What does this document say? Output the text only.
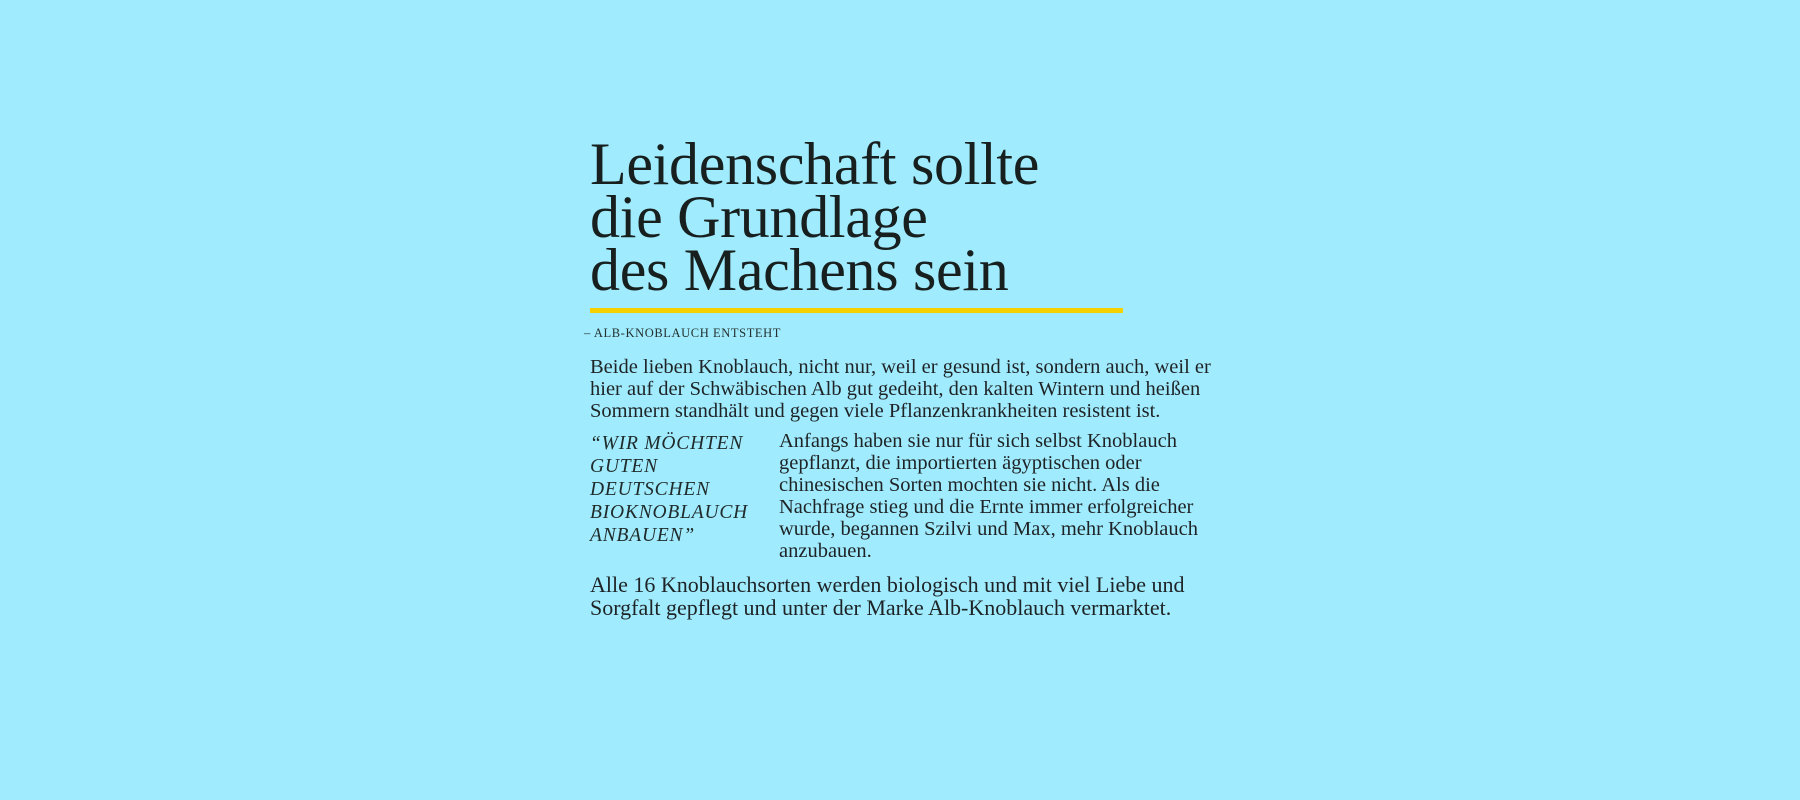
Leidenschaft sollte
die Grundlage
des Machens sein
– ALB-KNOBLAUCH ENTSTEHT

Beide lieben Knoblauch, nicht nur, weil er gesund ist, sondern auch, weil er hier auf der Schwäbischen Alb gut gedeiht, den kalten Wintern und heißen Sommern standhält und gegen viele Pflanzenkrankheiten resistent ist.

“WIR MÖCHTEN GUTEN DEUTSCHEN BIOKNOBLAUCH ANBAUEN”

Anfangs haben sie nur für sich selbst Knoblauch gepflanzt, die importierten ägyptischen oder chinesischen Sorten mochten sie nicht. Als die Nachfrage stieg und die Ernte immer erfolgreicher wurde, begannen Szilvi und Max, mehr Knoblauch anzubauen.

Alle 16 Knoblauchsorten werden biologisch und mit viel Liebe und Sorgfalt gepflegt und unter der Marke Alb-Knoblauch vermarktet.
